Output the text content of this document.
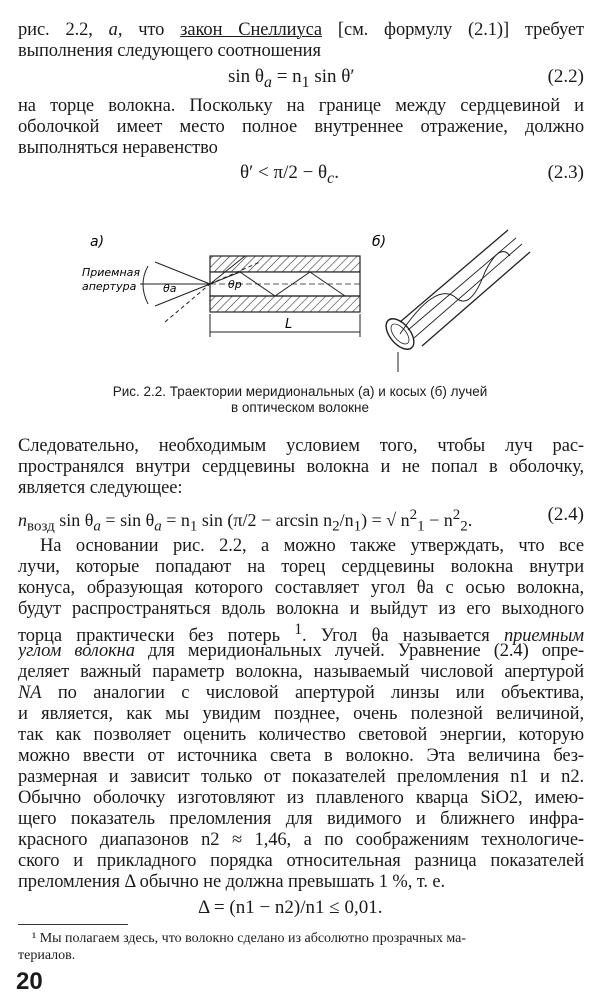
рис. 2.2, а, что закон Снеллиуса [см. формулу (2.1)] требует
выполнения следующего соотношения
$\sin \theta_a = n_1$ sin θ′	(2.2)
на торце волокна. Поскольку на границе между сердцевиной и
оболочкой имеет место полное внутреннее отражение, должно
выполняться неравенство
$\theta' < \pi/2 - \theta_c$.	(2.3)
а)
Приемная
апертура θa	θp
L
б)
Рис. 2.2. Траектории меридиональных (а) и косых (б) лучей
в оптическом волокне
Следовательно, необходимым условием того, чтобы луч рас-
пространялся внутри сердцевины волокна и не попал в оболочку,
является следующее:
$n_{возд}$ $\sin \theta_a = \sin \theta_a = n_1$ $\sin (\pi/2 - \arcsin n_2/n_1)$ = √ $n^2_1 - n^2_2$.	(2.4)
На основании рис. 2.2, а можно также утверждать, что все
лучи, которые попадают на торец сердцевины волокна внутри
конуса, образующая которого составляет угол θa с осью волокна,
будут распространяться вдоль волокна и выйдут из его выходного
торца практически без потерь $^1$. Угол θa называется приемным
углом волокна для меридиональных лучей. Уравнение (2.4) опре-
деляет важный параметр волокна, называемый числовой апертурой
NA по аналогии с числовой апертурой линзы или объектива,
и является, как мы увидим позднее, очень полезной величиной,
так как позволяет оценить количество световой энергии, которую
можно ввести от источника света в волокно. Эта величина без-
размерная и зависит только от показателей преломления n1 и n2.
Обычно оболочку изготовляют из плавленого кварца SiO2, имею-
щего показатель преломления для видимого и ближнего инфра-
красного диапазонов n2 ≈ 1,46, а по соображениям технологиче-
ского и прикладного порядка относительная разница показателей
преломления Δ обычно не должна превышать 1 %, т. е.
Δ = (n1 − n2)/n1 ≤ 0,01.
¹ Мы полагаем здесь, что волокно сделано из абсолютно прозрачных ма-
териалов.
20
